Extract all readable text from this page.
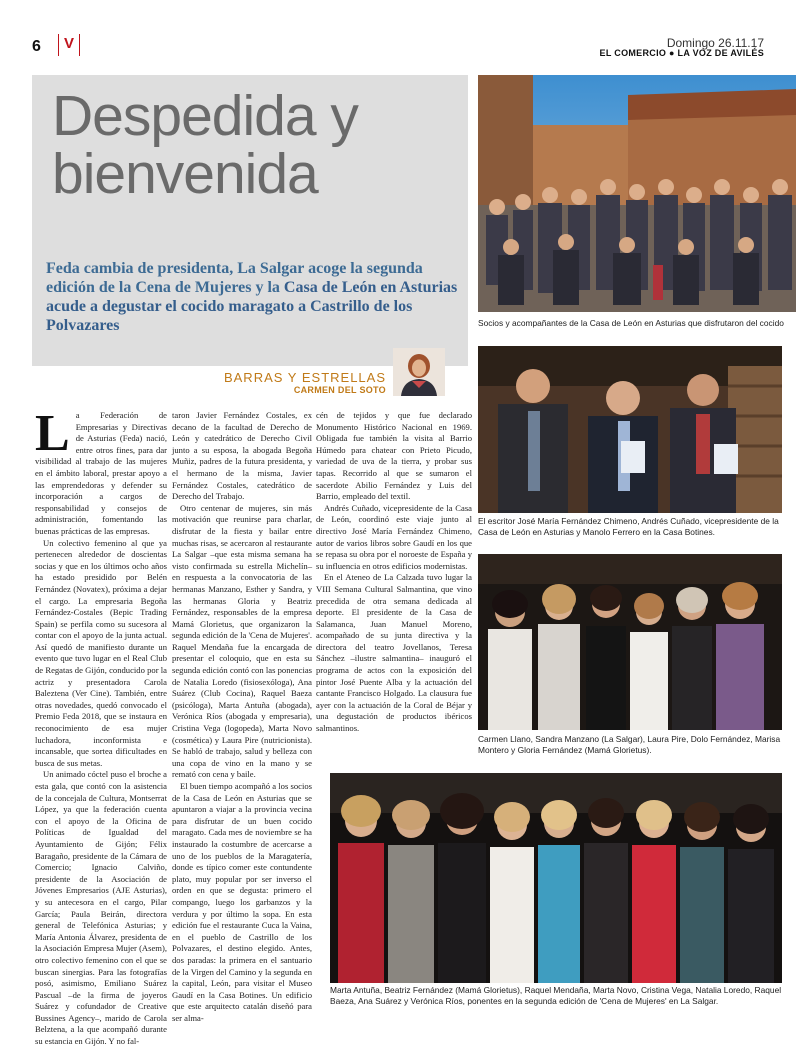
6	V	Domingo 26.11.17
EL COMERCIO ● LA VOZ DE AVILÉS
Despedida y
bienvenida
Feda cambia de presidenta, La Salgar acoge la segunda edición de la Cena de Mujeres y la Casa de León en Asturias acude a degustar el cocido maragato a Castrillo de los Polvazares
BARRAS Y ESTRELLAS
CARMEN DEL SOTO

La Federación de Empresarias y Directivas de Asturias (Feda) nació, entre otros fines, para dar visibilidad al trabajo de las mujeres en el ámbito laboral, prestar apoyo a las emprendedoras y defender su incorporación a cargos de responsabilidad y consejos de administración, fomentando las buenas prácticas de las empresas.

Un colectivo femenino al que ya pertenecen alrededor de doscientas socias y que en los últimos ocho años ha estado presidido por Belén Fernández (Novatex), próxima a dejar el cargo. La empresaria Begoña Fernández-Costales (Bepic Trading Spain) se perfila como su sucesora al contar con el apoyo de la junta actual. Así quedó de manifiesto durante un evento que tuvo lugar en el Real Club de Regatas de Gijón, conducido por la actriz y presentadora Carola Baleztena (Ver Cine). También, entre otras novedades, quedó convocado el Premio Feda 2018, que se instaura en reconocimiento de esa mujer luchadora, inconformista e incansable, que sortea dificultades en busca de sus metas.

Un animado cóctel puso el broche a esta gala, que contó con la asistencia de la concejala de Cultura, Montserrat López, ya que la federación cuenta con el apoyo de la Oficina de Políticas de Igualdad del Ayuntamiento de Gijón; Félix Baragaño, presidente de la Cámara de Comercio; Ignacio Calviño, presidente de la Asociación de Jóvenes Empresarios (AJE Asturias), y su antecesora en el cargo, Pilar García; Paula Beirán, directora general de Telefónica Asturias; y María Antonia Álvarez, presidenta de la Asociación Empresa Mujer (Asem), otro colectivo femenino con el que se buscan sinergias. Para las fotografías posó, asimismo, Emiliano Suárez Pascual –de la firma de joyeros Suárez y cofundador de Creative Bussines Agency–, marido de Carola Belztena, a la que acompañó durante su estancia en Gijón. Y no fal-

taron Javier Fernández Costales, ex decano de la facultad de Derecho de León y catedrático de Derecho Civil junto a su esposa, la abogada Begoña Muñiz, padres de la futura presidenta, y el hermano de la misma, Javier Fernández Costales, catedrático de Derecho del Trabajo.

Otro centenar de mujeres, sin más motivación que reunirse para charlar, disfrutar de la fiesta y bailar entre muchas risas, se acercaron al restaurante La Salgar –que esta misma semana ha visto confirmada su estrella Michelín– en respuesta a la convocatoria de las hermanas Manzano, Esther y Sandra, y las hermanas Gloria y Beatriz Fernández, responsables de la empresa Mamá Glorietus, que organizaron la segunda edición de la 'Cena de Mujeres'. Raquel Mendaña fue la encargada de presentar el coloquio, que en esta su segunda edición contó con las ponencias de Natalia Loredo (fisiosexóloga), Ana Suárez (Club Cocina), Raquel Baeza (psicóloga), Marta Antuña (abogada), Verónica Ríos (abogada y empresaria), Cristina Vega (logopeda), Marta Novo (cosmética) y Laura Pire (nutricionista). Se habló de trabajo, salud y belleza con una copa de vino en la mano y se remató con cena y baile.

El buen tiempo acompañó a los socios de la Casa de León en Asturias que se apuntaron a viajar a la provincia vecina para disfrutar de un buen cocido maragato. Cada mes de noviembre se ha instaurado la costumbre de acercarse a uno de los pueblos de la Maragatería, donde es típico comer este contundente plato, muy popular por ser inverso el orden en que se degusta: primero el compango, luego los garbanzos y la verdura y por último la sopa. En esta edición fue el restaurante Cuca la Vaina, en el pueblo de Castrillo de los Polvazares, el destino elegido. Antes, dos paradas: la primera en el santuario de la Virgen del Camino y la segunda en la capital, León, para visitar el Museo Gaudí en la Casa Botines. Un edificio que este arquitecto catalán diseñó para ser alma-

cén de tejidos y que fue declarado Monumento Histórico Nacional en 1969. Obligada fue también la visita al Barrio Húmedo para chatear con Prieto Picudo, variedad de uva de la tierra, y probar sus tapas. Recorrido al que se sumaron el sacerdote Abilio Fernández y Luis del Barrio, empleado del textil.

Andrés Cuñado, vicepresidente de la Casa de León, coordinó este viaje junto al directivo José María Fernández Chimeno, autor de varios libros sobre Gaudí en los que se repasa su obra por el noroeste de España y su influencia en otros edificios modernistas.

En el Ateneo de La Calzada tuvo lugar la VIII Semana Cultural Salmantina, que vino precedida de otra semana dedicada al deporte. El presidente de la Casa de Salamanca, Juan Manuel Moreno, acompañado de su junta directiva y la directora del teatro Jovellanos, Teresa Sánchez –ilustre salmantina– inauguró el programa de actos con la exposición del pintor José Puente Alba y la actuación del cantante Francisco Holgado. La clausura fue ayer con la actuación de la Coral de Béjar y una degustación de productos ibéricos salmantinos.

Socios y acompañantes de la Casa de León en Asturias que disfrutaron del cocido
El escritor José María Fernández Chimeno, Andrés Cuñado, vicepresidente de la Casa de León en Asturias y Manolo Ferrero en la Casa Botines.
Carmen Llano, Sandra Manzano (La Salgar), Laura Pire, Dolo Fernández, Marisa Montero y Gloria Fernández (Mamá Glorietus).
Marta Antuña, Beatriz Fernández (Mamá Glorietus), Raquel Mendaña, Marta Novo, Cristina Vega, Natalia Loredo, Raquel Baeza, Ana Suárez y Verónica Ríos, ponentes en la segunda edición de 'Cena de Mujeres' en La Salgar.
